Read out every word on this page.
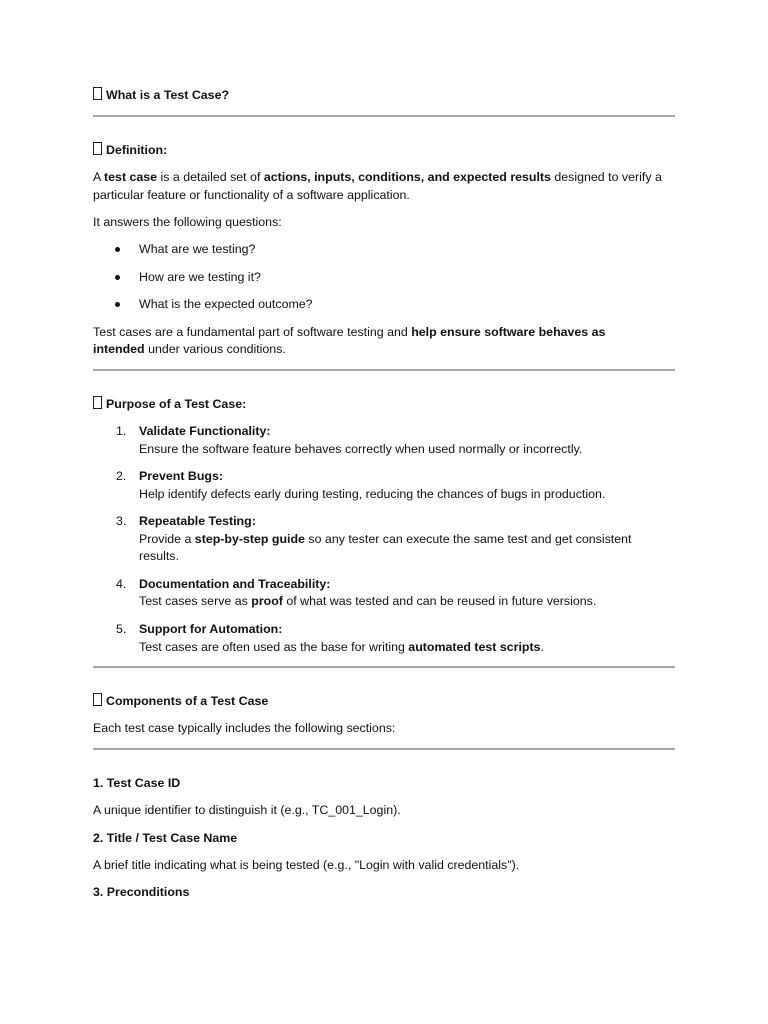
What is a Test Case?
Definition:
A test case is a detailed set of actions, inputs, conditions, and expected results designed to verify a
particular feature or functionality of a software application.
It answers the following questions:
What are we testing?
How are we testing it?
What is the expected outcome?
Test cases are a fundamental part of software testing and help ensure software behaves as
intended under various conditions.
Purpose of a Test Case:
1. Validate Functionality:
Ensure the software feature behaves correctly when used normally or incorrectly.
2. Prevent Bugs:
Help identify defects early during testing, reducing the chances of bugs in production.
3. Repeatable Testing:
Provide a step-by-step guide so any tester can execute the same test and get consistent
results.
4. Documentation and Traceability:
Test cases serve as proof of what was tested and can be reused in future versions.
5. Support for Automation:
Test cases are often used as the base for writing automated test scripts.
Components of a Test Case
Each test case typically includes the following sections:
1. Test Case ID
A unique identifier to distinguish it (e.g., TC_001_Login).
2. Title / Test Case Name
A brief title indicating what is being tested (e.g., "Login with valid credentials").
3. Preconditions
